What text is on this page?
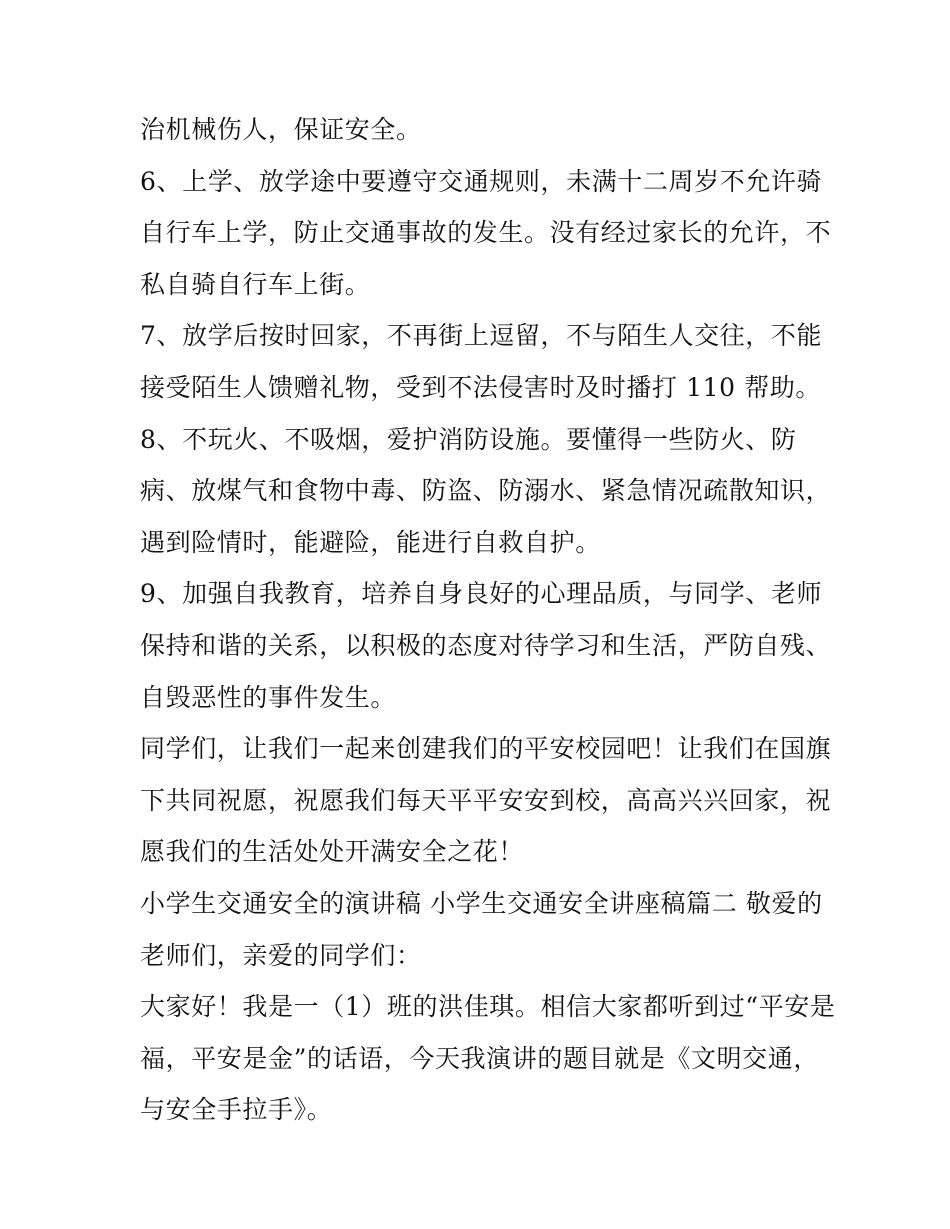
治机械伤人，保证安全。
6、上学、放学途中要遵守交通规则，未满十二周岁不允许骑
自行车上学，防止交通事故的发生。没有经过家长的允许，不
私自骑自行车上街。
7、放学后按时回家，不再街上逗留，不与陌生人交往，不能
接受陌生人馈赠礼物，受到不法侵害时及时播打 110 帮助。
8、不玩火、不吸烟，爱护消防设施。要懂得一些防火、防
病、放煤气和食物中毒、防盗、防溺水、紧急情况疏散知识，
遇到险情时，能避险，能进行自救自护。
9、加强自我教育，培养自身良好的心理品质，与同学、老师
保持和谐的关系，以积极的态度对待学习和生活，严防自残、
自毁恶性的事件发生。
同学们，让我们一起来创建我们的平安校园吧！让我们在国旗
下共同祝愿，祝愿我们每天平平安安到校，高高兴兴回家，祝
愿我们的生活处处开满安全之花！
小学生交通安全的演讲稿 小学生交通安全讲座稿篇二 敬爱的
老师们，亲爱的同学们：
大家好！我是一（1）班的洪佳琪。相信大家都听到过“平安是
福，平安是金”的话语，今天我演讲的题目就是《文明交通，
与安全手拉手》。
